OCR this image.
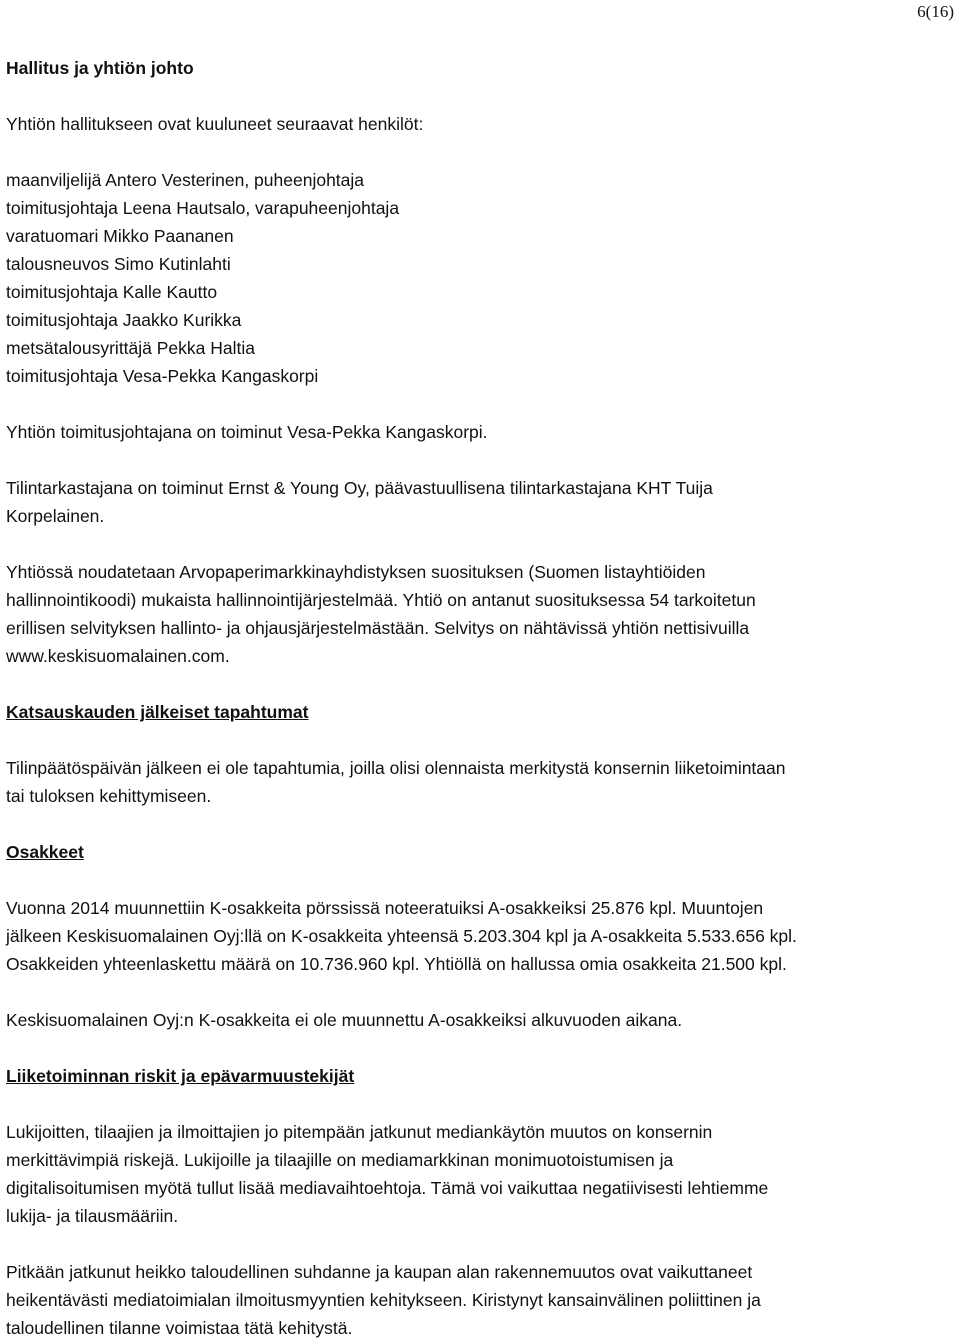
6(16)

Hallitus ja yhtiön johto

Yhtiön hallitukseen ovat kuuluneet seuraavat henkilöt:

maanviljelijä Antero Vesterinen, puheenjohtaja
toimitusjohtaja Leena Hautsalo, varapuheenjohtaja
varatuomari Mikko Paananen
talousneuvos Simo Kutinlahti
toimitusjohtaja Kalle Kautto
toimitusjohtaja Jaakko Kurikka
metsätalousyrittäjä Pekka Haltia
toimitusjohtaja Vesa-Pekka Kangaskorpi

Yhtiön toimitusjohtajana on toiminut Vesa-Pekka Kangaskorpi.

Tilintarkastajana on toiminut Ernst & Young Oy, päävastuullisena tilintarkastajana KHT Tuija
Korpelainen.

Yhtiössä noudatetaan Arvopaperimarkkinayhdistyksen suosituksen (Suomen listayhtiöiden
hallinnointikoodi) mukaista hallinnointijärjestelmää. Yhtiö on antanut suosituksessa 54 tarkoitetun
erillisen selvityksen hallinto- ja ohjausjärjestelmästään. Selvitys on nähtävissä yhtiön nettisivuilla
www.keskisuomalainen.com.

Katsauskauden jälkeiset tapahtumat

Tilinpäätöspäivän jälkeen ei ole tapahtumia, joilla olisi olennaista merkitystä konsernin liiketoimintaan
tai tuloksen kehittymiseen.

Osakkeet

Vuonna 2014 muunnettiin K-osakkeita pörssissä noteeratuiksi A-osakkeiksi 25.876 kpl. Muuntojen
jälkeen Keskisuomalainen Oyj:llä on K-osakkeita yhteensä 5.203.304 kpl ja A-osakkeita 5.533.656 kpl.
Osakkeiden yhteenlaskettu määrä on 10.736.960 kpl. Yhtiöllä on hallussa omia osakkeita 21.500 kpl.

Keskisuomalainen Oyj:n K-osakkeita ei ole muunnettu A-osakkeiksi alkuvuoden aikana.

Liiketoiminnan riskit ja epävarmuustekijät

Lukijoitten, tilaajien ja ilmoittajien jo pitempään jatkunut mediankäytön muutos on konsernin
merkittävimpiä riskejä. Lukijoille ja tilaajille on mediamarkkinan monimuotoistumisen ja
digitalisoitumisen myötä tullut lisää mediavaihtoehtoja. Tämä voi vaikuttaa negatiivisesti lehtiemme
lukija- ja tilausmääriin.

Pitkään jatkunut heikko taloudellinen suhdanne ja kaupan alan rakennemuutos ovat vaikuttaneet
heikentävästi mediatoimialan ilmoitusmyyntien kehitykseen. Kiristynyt kansainvälinen poliittinen ja
taloudellinen tilanne voimistaa tätä kehitystä.
